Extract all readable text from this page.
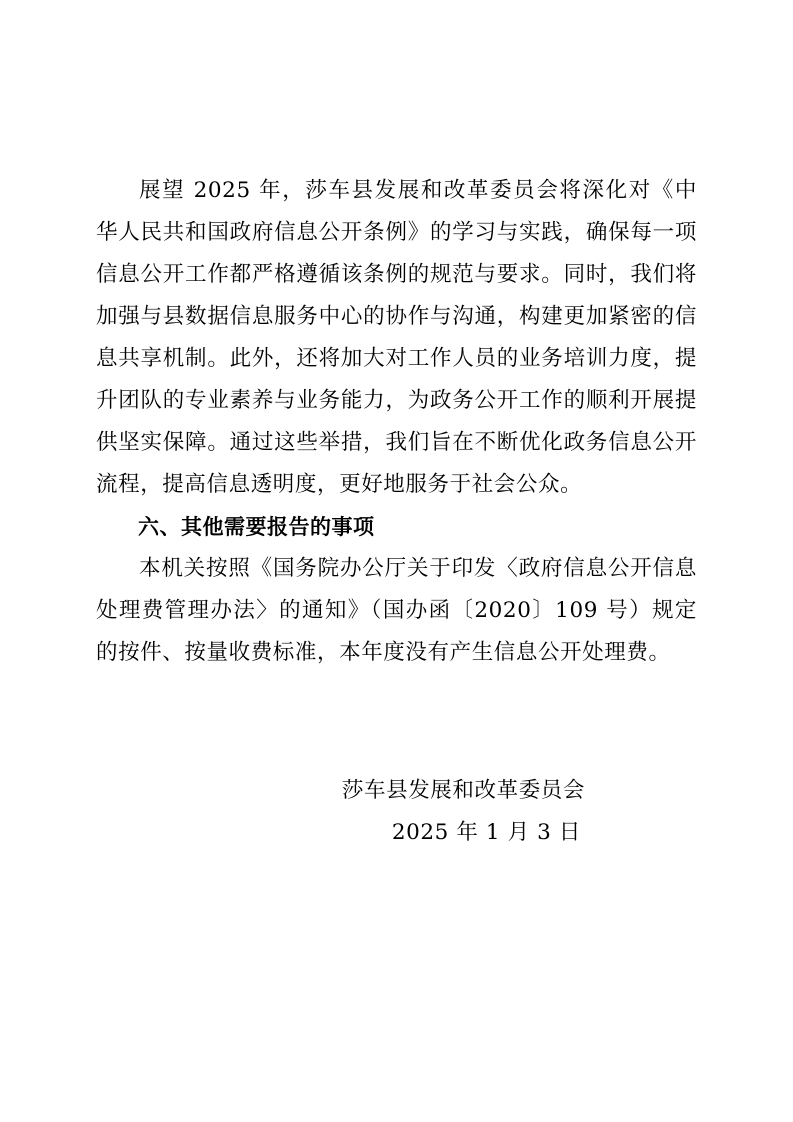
展望 2025 年，莎车县发展和改革委员会将深化对《中华人民共和国政府信息公开条例》的学习与实践，确保每一项信息公开工作都严格遵循该条例的规范与要求。同时，我们将加强与县数据信息服务中心的协作与沟通，构建更加紧密的信息共享机制。此外，还将加大对工作人员的业务培训力度，提升团队的专业素养与业务能力，为政务公开工作的顺利开展提供坚实保障。通过这些举措，我们旨在不断优化政务信息公开流程，提高信息透明度，更好地服务于社会公众。

六、其他需要报告的事项

本机关按照《国务院办公厅关于印发〈政府信息公开信息处理费管理办法〉的通知》（国办函〔2020〕109 号）规定的按件、按量收费标准，本年度没有产生信息公开处理费。

莎车县发展和改革委员会

2025 年 1 月 3 日
